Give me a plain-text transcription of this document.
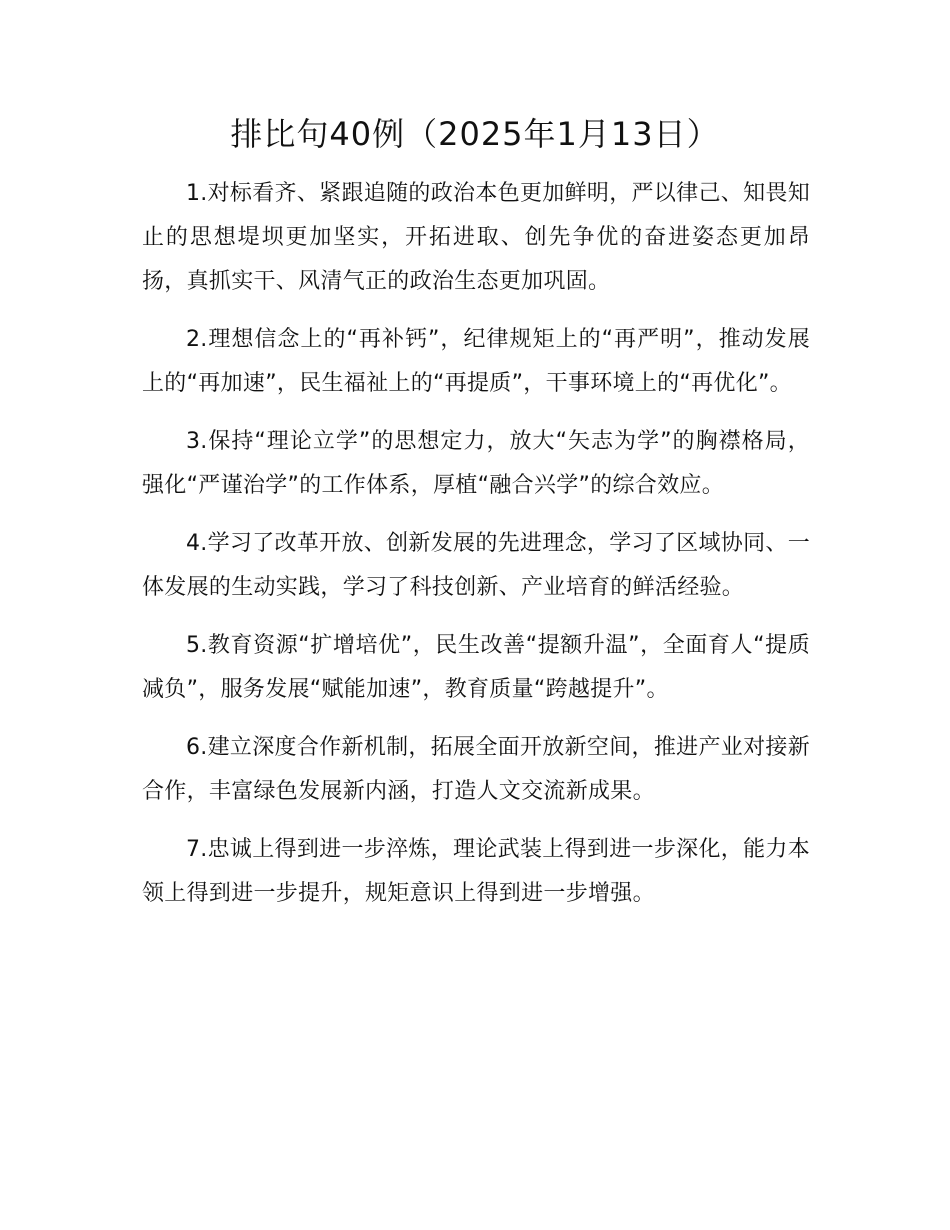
排比句40例（2025年1月13日）

1.对标看齐、紧跟追随的政治本色更加鲜明，严以律己、知畏知止的思想堤坝更加坚实，开拓进取、创先争优的奋进姿态更加昂扬，真抓实干、风清气正的政治生态更加巩固。

2.理想信念上的“再补钙”，纪律规矩上的“再严明”，推动发展上的“再加速”，民生福祉上的“再提质”，干事环境上的“再优化”。

3.保持“理论立学”的思想定力，放大“矢志为学”的胸襟格局，强化“严谨治学”的工作体系，厚植“融合兴学”的综合效应。

4.学习了改革开放、创新发展的先进理念，学习了区域协同、一体发展的生动实践，学习了科技创新、产业培育的鲜活经验。

5.教育资源“扩增培优”，民生改善“提额升温”，全面育人“提质减负”，服务发展“赋能加速”，教育质量“跨越提升”。

6.建立深度合作新机制，拓展全面开放新空间，推进产业对接新合作，丰富绿色发展新内涵，打造人文交流新成果。

7.忠诚上得到进一步淬炼，理论武装上得到进一步深化，能力本领上得到进一步提升，规矩意识上得到进一步增强。
